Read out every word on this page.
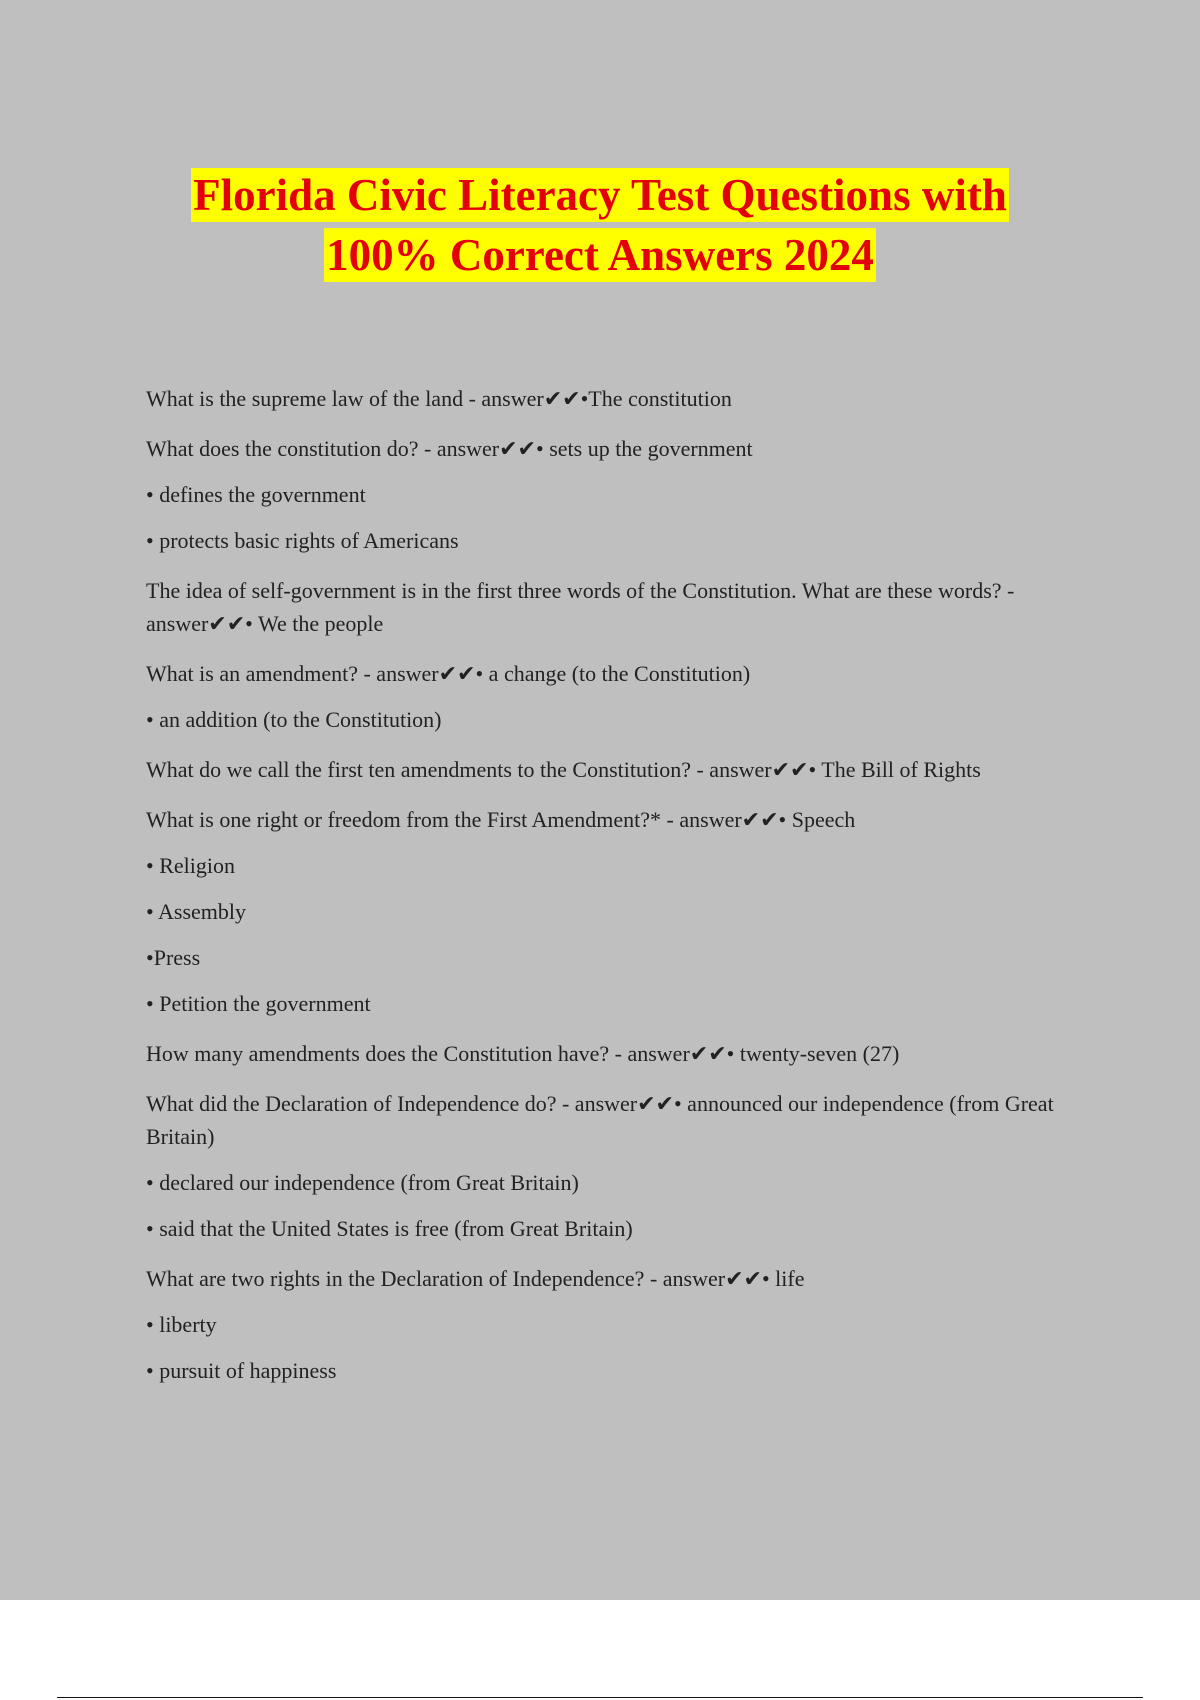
Florida Civic Literacy Test Questions with
100% Correct Answers 2024

What is the supreme law of the land - answer✔✔•The constitution

What does the constitution do? - answer✔✔• sets up the government

• defines the government

• protects basic rights of Americans

The idea of self-government is in the first three words of the Constitution. What are these words? - answer✔✔• We the people

What is an amendment? - answer✔✔• a change (to the Constitution)

• an addition (to the Constitution)

What do we call the first ten amendments to the Constitution? - answer✔✔• The Bill of Rights

What is one right or freedom from the First Amendment?* - answer✔✔• Speech

• Religion

• Assembly

•Press

• Petition the government

How many amendments does the Constitution have? - answer✔✔• twenty-seven (27)

What did the Declaration of Independence do? - answer✔✔• announced our independence (from Great Britain)

• declared our independence (from Great Britain)

• said that the United States is free (from Great Britain)

What are two rights in the Declaration of Independence? - answer✔✔• life

• liberty

• pursuit of happiness
